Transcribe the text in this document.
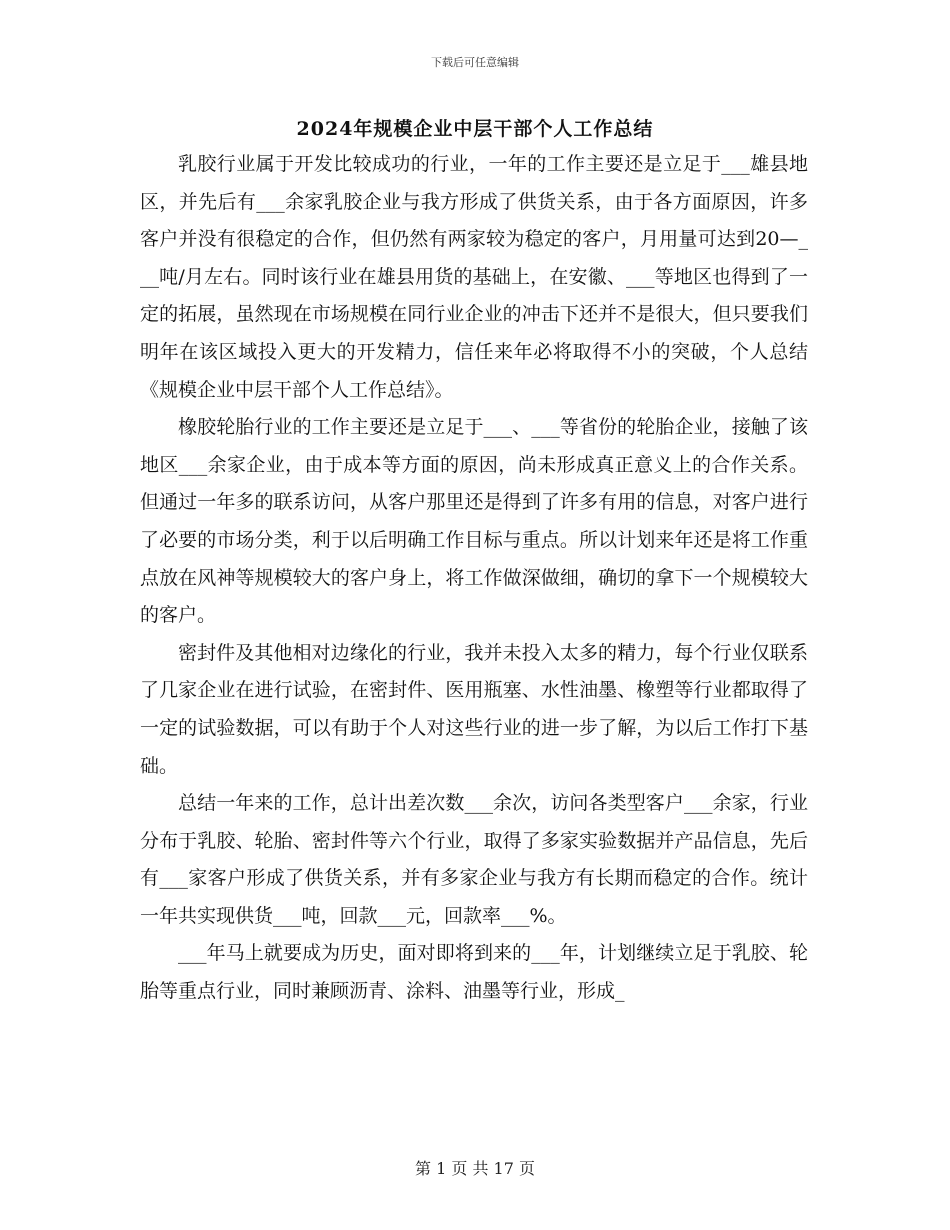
下载后可任意编辑
2024年规模企业中层干部个人工作总结

乳胶行业属于开发比较成功的行业，一年的工作主要还是立足于___雄县地区，并先后有___余家乳胶企业与我方形成了供货关系，由于各方面原因，许多客户并没有很稳定的合作，但仍然有两家较为稳定的客户，月用量可达到20—___吨/月左右。同时该行业在雄县用货的基础上，在安徽、___等地区也得到了一定的拓展，虽然现在市场规模在同行业企业的冲击下还并不是很大，但只要我们明年在该区域投入更大的开发精力，信任来年必将取得不小的突破，个人总结《规模企业中层干部个人工作总结》。

橡胶轮胎行业的工作主要还是立足于___、___等省份的轮胎企业，接触了该地区___余家企业，由于成本等方面的原因，尚未形成真正意义上的合作关系。但通过一年多的联系访问，从客户那里还是得到了许多有用的信息，对客户进行了必要的市场分类，利于以后明确工作目标与重点。所以计划来年还是将工作重点放在风神等规模较大的客户身上，将工作做深做细，确切的拿下一个规模较大的客户。

密封件及其他相对边缘化的行业，我并未投入太多的精力，每个行业仅联系了几家企业在进行试验，在密封件、医用瓶塞、水性油墨、橡塑等行业都取得了一定的试验数据，可以有助于个人对这些行业的进一步了解，为以后工作打下基础。

总结一年来的工作，总计出差次数___余次，访问各类型客户___余家，行业分布于乳胶、轮胎、密封件等六个行业，取得了多家实验数据并产品信息，先后有___家客户形成了供货关系，并有多家企业与我方有长期而稳定的合作。统计一年共实现供货___吨，回款___元，回款率___%。

___年马上就要成为历史，面对即将到来的___年，计划继续立足于乳胶、轮胎等重点行业，同时兼顾沥青、涂料、油墨等行业，形成_

第 1 页 共 17 页
